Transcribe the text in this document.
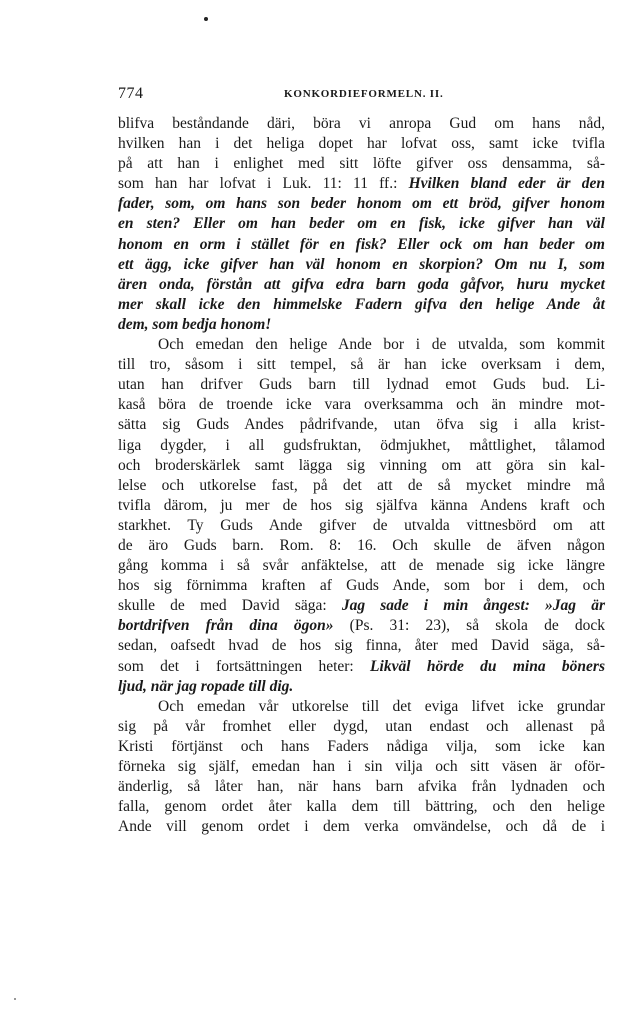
774	KONKORDIEFORMELN. II.
blifva beståndande däri, böra vi anropa Gud om hans nåd,
hvilken han i det heliga dopet har lofvat oss, samt icke tvifla
på att han i enlighet med sitt löfte gifver oss densamma, så-
som han har lofvat i Luk. 11: 11 ff.: Hvilken bland eder är den
fader, som, om hans son beder honom om ett bröd, gifver honom
en sten? Eller om han beder om en fisk, icke gifver han väl
honom en orm i stället för en fisk? Eller ock om han beder om
ett ägg, icke gifver han väl honom en skorpion? Om nu I, som
ären onda, förstån att gifva edra barn goda gåfvor, huru mycket
mer skall icke den himmelske Fadern gifva den helige Ande åt
dem, som bedja honom!
Och emedan den helige Ande bor i de utvalda, som kommit
till tro, såsom i sitt tempel, så är han icke overksam i dem,
utan han drifver Guds barn till lydnad emot Guds bud. Li-
kaså böra de troende icke vara overksamma och än mindre mot-
sätta sig Guds Andes pådrifvande, utan öfva sig i alla krist-
liga dygder, i all gudsfruktan, ödmjukhet, måttlighet, tålamod
och broderskärlek samt lägga sig vinning om att göra sin kal-
lelse och utkorelse fast, på det att de så mycket mindre må
tvifla därom, ju mer de hos sig själfva känna Andens kraft och
starkhet. Ty Guds Ande gifver de utvalda vittnesbörd om att
de äro Guds barn. Rom. 8: 16. Och skulle de äfven någon
gång komma i så svår anfäktelse, att de menade sig icke längre
hos sig förnimma kraften af Guds Ande, som bor i dem, och
skulle de med David säga: Jag sade i min ångest: »Jag är
bortdrifven från dina ögon» (Ps. 31: 23), så skola de dock
sedan, oafsedt hvad de hos sig finna, åter med David säga, så-
som det i fortsättningen heter: Likväl hörde du mina böners
ljud, när jag ropade till dig.
Och emedan vår utkorelse till det eviga lifvet icke grundar
sig på vår fromhet eller dygd, utan endast och allenast på
Kristi förtjänst och hans Faders nådiga vilja, som icke kan
förneka sig själf, emedan han i sin vilja och sitt väsen är oför-
änderlig, så låter han, när hans barn afvika från lydnaden och
falla, genom ordet åter kalla dem till bättring, och den helige
Ande vill genom ordet i dem verka omvändelse, och då de i
